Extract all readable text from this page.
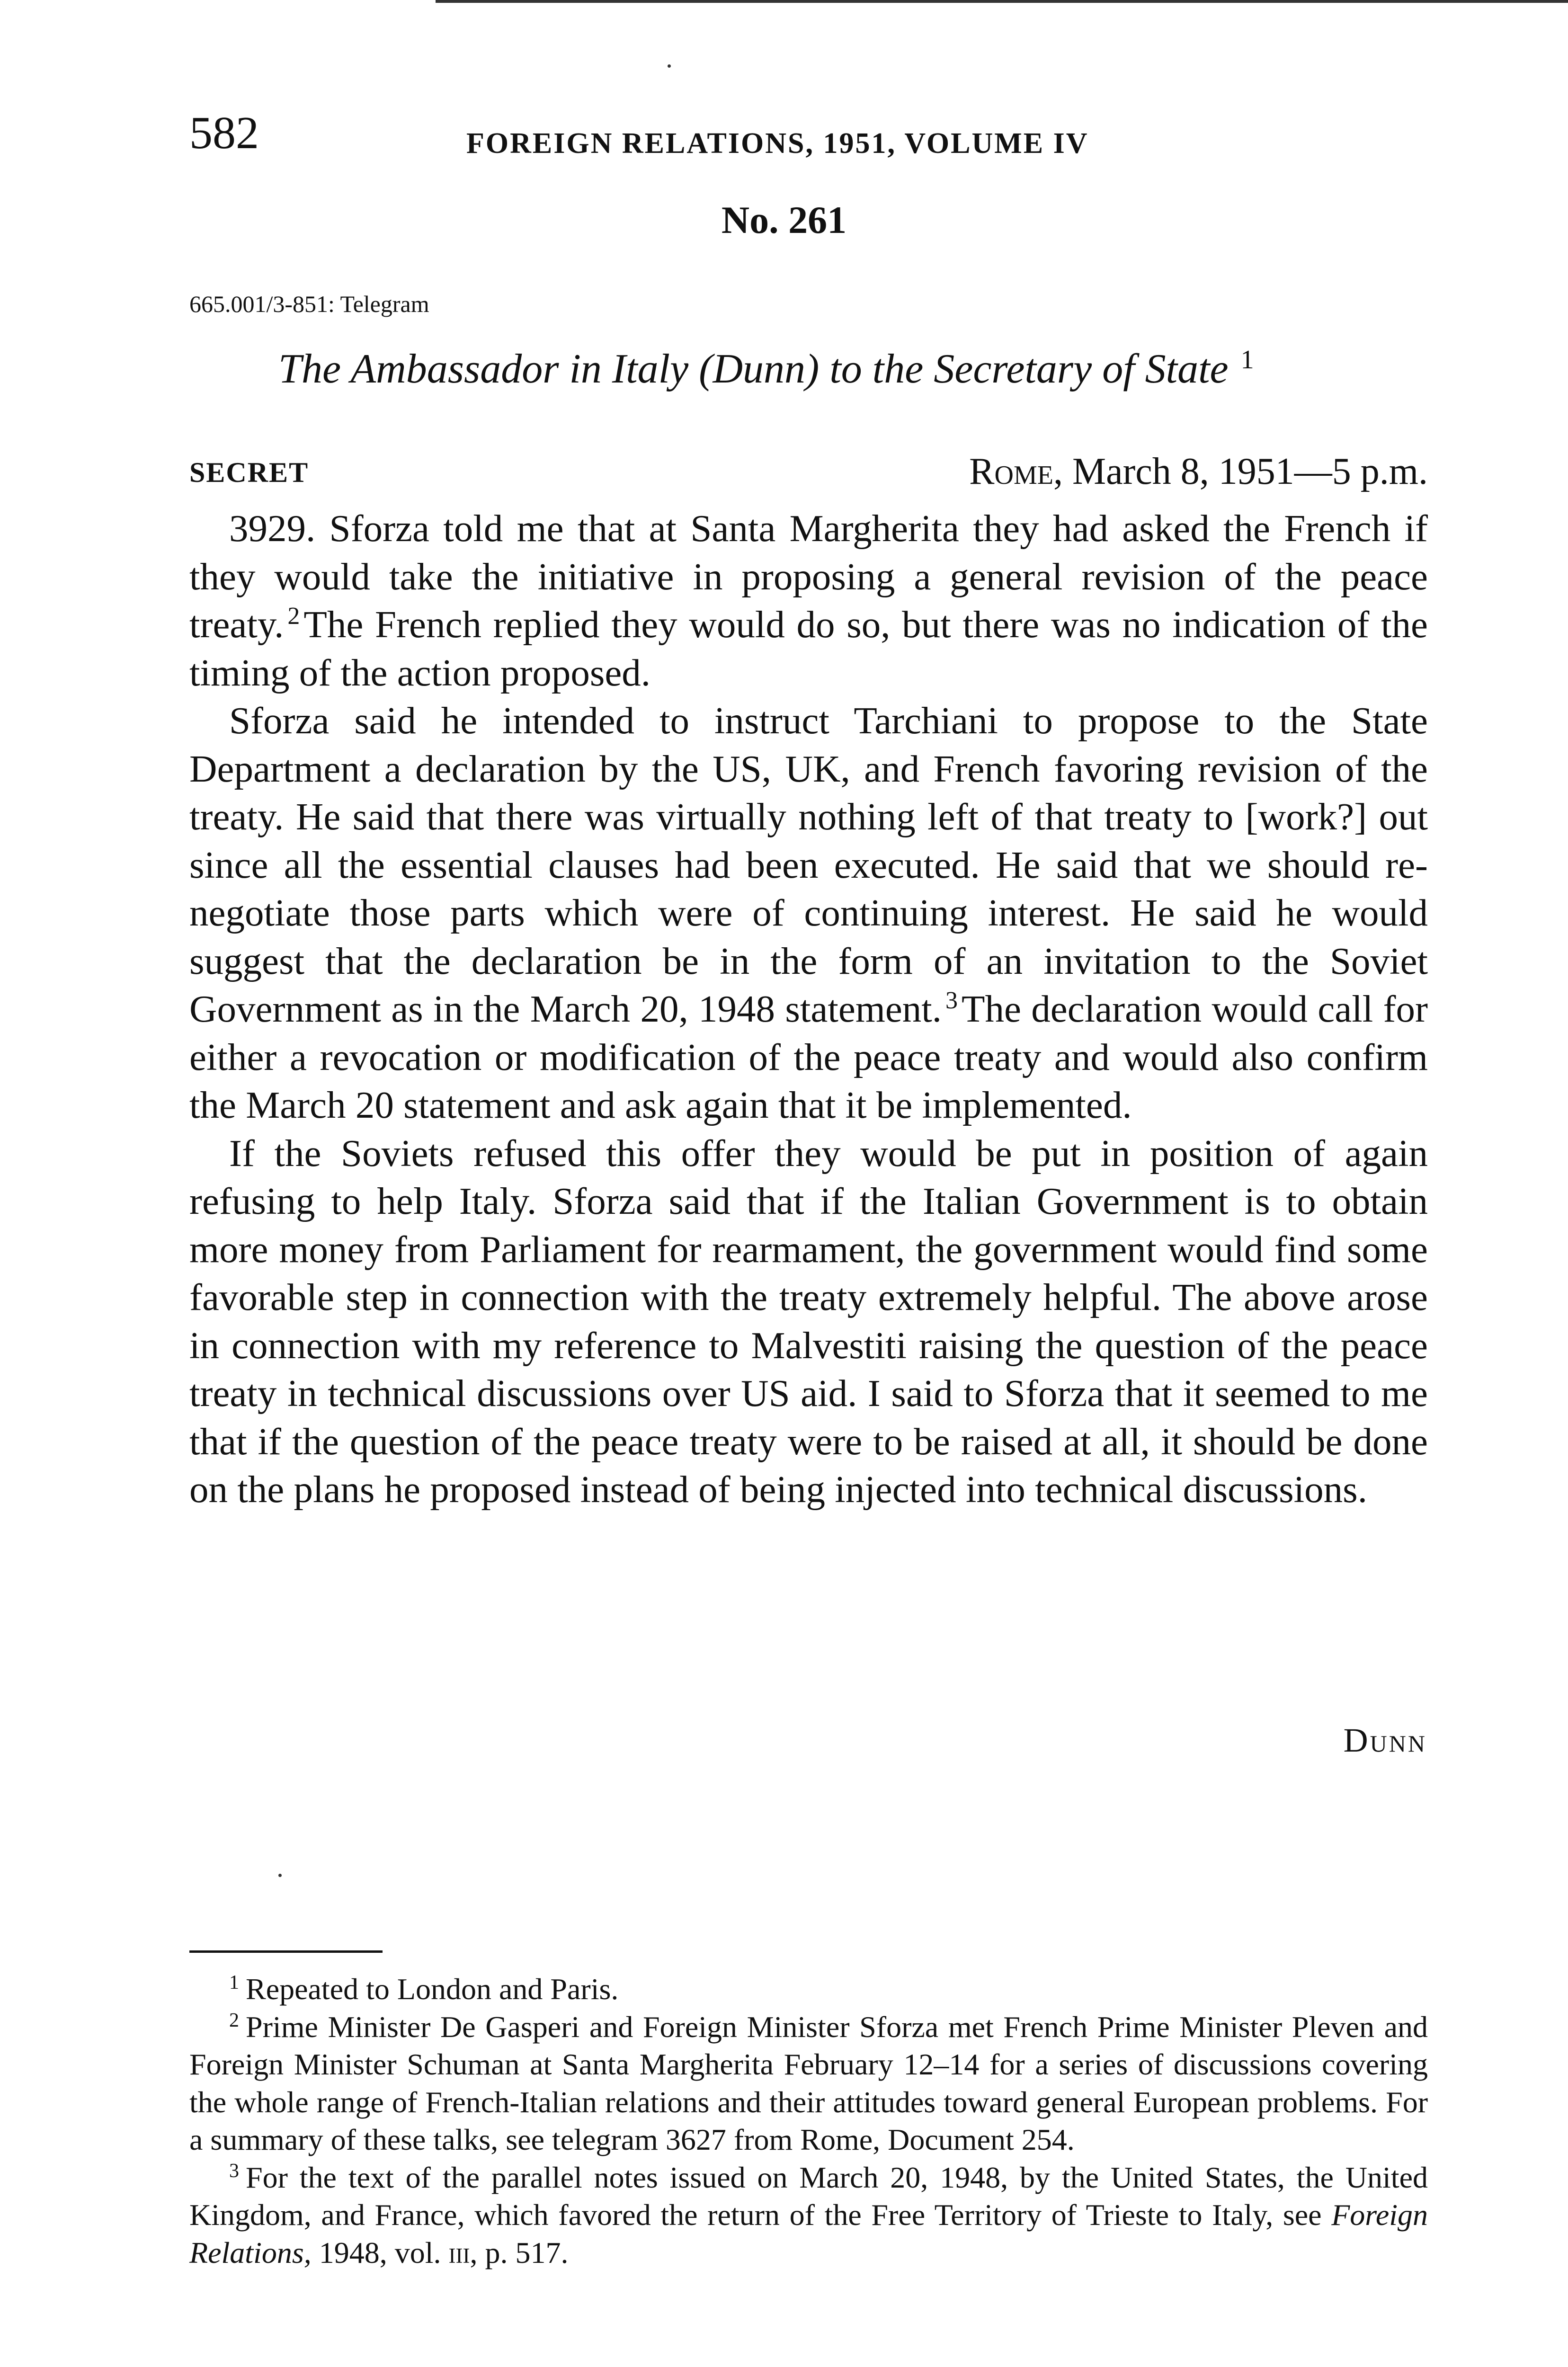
582	FOREIGN RELATIONS, 1951, VOLUME IV
No. 261
665.001/3-851: Telegram
The Ambassador in Italy (Dunn) to the Secretary of State $^1$
SECRET	Rome, March 8, 1951—5 p.m.

3929. Sforza told me that at Santa Margherita they had asked the French if they would take the initiative in proposing a general revision of the peace treaty. $^2$The French replied they would do so, but there was no indication of the timing of the action proposed.

Sforza said he intended to instruct Tarchiani to propose to the State Department a declaration by the US, UK, and French favoring revision of the treaty. He said that there was virtually nothing left of that treaty to [work?] out since all the essential clauses had been executed. He said that we should re-negotiate those parts which were of continuing interest. He said he would suggest that the declaration be in the form of an invitation to the Soviet Government as in the March 20, 1948 statement. $^3$The declaration would call for either a revocation or modification of the peace treaty and would also confirm the March 20 statement and ask again that it be implemented.

If the Soviets refused this offer they would be put in position of again refusing to help Italy. Sforza said that if the Italian Government is to obtain more money from Parliament for rearmament, the government would find some favorable step in connection with the treaty extremely helpful. The above arose in connection with my reference to Malvestiti raising the question of the peace treaty in technical discussions over US aid. I said to Sforza that it seemed to me that if the question of the peace treaty were to be raised at all, it should be done on the plans he proposed instead of being injected into technical discussions.

Dunn

$^1$ Repeated to London and Paris.

$^2$ Prime Minister De Gasperi and Foreign Minister Sforza met French Prime Minister Pleven and Foreign Minister Schuman at Santa Margherita February 12–14 for a series of discussions covering the whole range of French-Italian relations and their attitudes toward general European problems. For a summary of these talks, see telegram 3627 from Rome, Document 254.

$^3$ For the text of the parallel notes issued on March 20, 1948, by the United States, the United Kingdom, and France, which favored the return of the Free Territory of Trieste to Italy, see Foreign Relations, 1948, vol. iii, p. 517.
